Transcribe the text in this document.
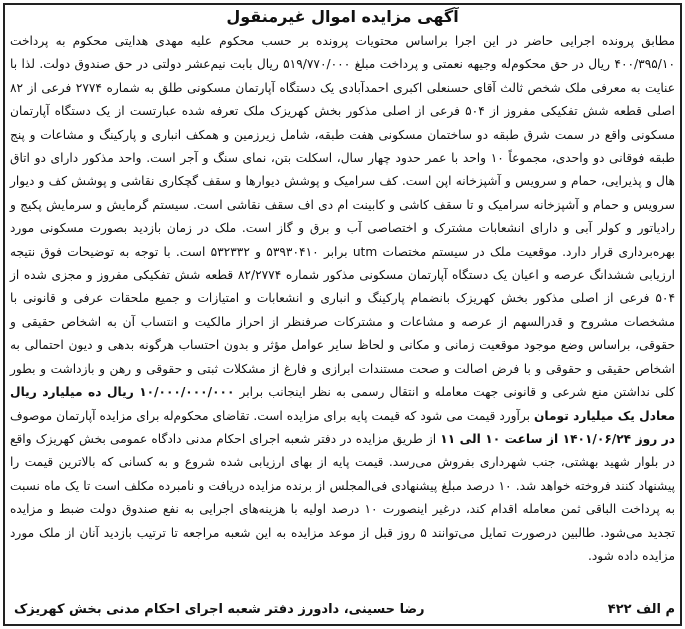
آگهی مزایده اموال غیرمنقول

مطابق پرونده اجرایی حاضر در این اجرا براساس محتویات پرونده بر حسب محکوم علیه مهدی هدایتی محکوم به پرداخت ۴۰۰/۳۹۵/۱۰ ریال در حق محکوم‌له وجیهه نعمتی و پرداخت مبلغ ۵۱۹/۷۷۰/۰۰۰ ریال بابت نیم‌عشر دولتی در حق صندوق دولت. لذا با عنایت به معرفی ملک شخص ثالث آقای حسنعلی اکبری احمدآبادی یک دستگاه آپارتمان مسکونی طلق به شماره ۲۷۷۴ فرعی از ۸۲ اصلی قطعه شش تفکیکی مفروز از ۵۰۴ فرعی از اصلی مذکور بخش کهریزک ملک تعرفه شده عبارتست از یک دستگاه آپارتمان مسکونی واقع در سمت شرق طبقه دو ساختمان مسکونی هفت طبقه، شامل زیرزمین و همکف انباری و پارکینگ و مشاعات و پنج طبقه فوقانی دو واحدی، مجموعاً ۱۰ واحد با عمر حدود چهار سال، اسکلت بتن، نمای سنگ و آجر است. واحد مذکور دارای دو اتاق هال و پذیرایی، حمام و سرویس و آشپزخانه اپن است. کف سرامیک و پوشش دیوارها و سقف گچکاری نقاشی و پوشش کف و دیوار سرویس و حمام و آشپزخانه سرامیک و تا سقف کاشی و کابینت ام دی اف سقف نقاشی است. سیستم گرمایش و سرمایش پکیج و رادیاتور و کولر آبی و دارای انشعابات مشترک و اختصاصی آب و برق و گاز است. ملک در زمان بازدید بصورت مسکونی مورد بهره‌برداری قرار دارد. موقعیت ملک در سیستم مختصات utm برابر ۵۳۹۳۰۴۱۰ و ۵۳۲۳۳۲ است. با توجه به توضیحات فوق نتیجه ارزیابی ششدانگ عرصه و اعیان یک دستگاه آپارتمان مسکونی مذکور شماره ۸۲/۲۷۷۴ قطعه شش تفکیکی مفروز و مجزی شده از ۵۰۴ فرعی از اصلی مذکور بخش کهریزک بانضمام پارکینگ و انباری و انشعابات و امتیازات و جمیع ملحقات عرفی و قانونی با مشخصات مشروح و قدرالسهم از عرصه و مشاعات و مشترکات صرفنظر از احراز مالکیت و انتساب آن به اشخاص حقیقی و حقوقی، براساس وضع موجود موقعیت زمانی و مکانی و لحاظ سایر عوامل مؤثر و بدون احتساب هرگونه بدهی و دیون احتمالی به اشخاص حقیقی و حقوقی و با فرض اصالت و صحت مستندات ابرازی و فارغ از مشکلات ثبتی و حقوقی و رهن و بازداشت و بطور کلی نداشتن منع شرعی و قانونی جهت معامله و انتقال رسمی به نظر اینجانب برابر ۱۰/۰۰۰/۰۰۰/۰۰۰ ریال ده میلیارد ریال معادل یک میلیارد تومان برآورد قیمت می شود که قیمت پایه برای مزایده است. تقاضای محکوم‌له برای مزایده آپارتمان موصوف در روز ۱۴۰۱/۰۶/۲۴ از ساعت ۱۰ الی ۱۱ از طریق مزایده در دفتر شعبه اجرای احکام مدنی دادگاه عمومی بخش کهریزک واقع در بلوار شهید بهشتی، جنب شهرداری بفروش می‌رسد. قیمت پایه از بهای ارزیابی شده شروع و به کسانی که بالاترین قیمت را پیشنهاد کنند فروخته خواهد شد. ۱۰ درصد مبلغ پیشنهادی فی‌المجلس از برنده مزایده دریافت و نامبرده مکلف است تا یک ماه نسبت به پرداخت الباقی ثمن معامله اقدام کند، درغیر اینصورت ۱۰ درصد اولیه با هزینه‌های اجرایی به نفع صندوق دولت ضبط و مزایده تجدید می‌شود. طالبین درصورت تمایل می‌توانند ۵ روز قبل از موعد مزایده به این شعبه مراجعه تا ترتیب بازدید آنان از ملک مورد مزایده داده شود.

م الف ۴۲۲
رضا حسینی، دادورز دفتر شعبه اجرای احکام مدنی بخش کهریزک
